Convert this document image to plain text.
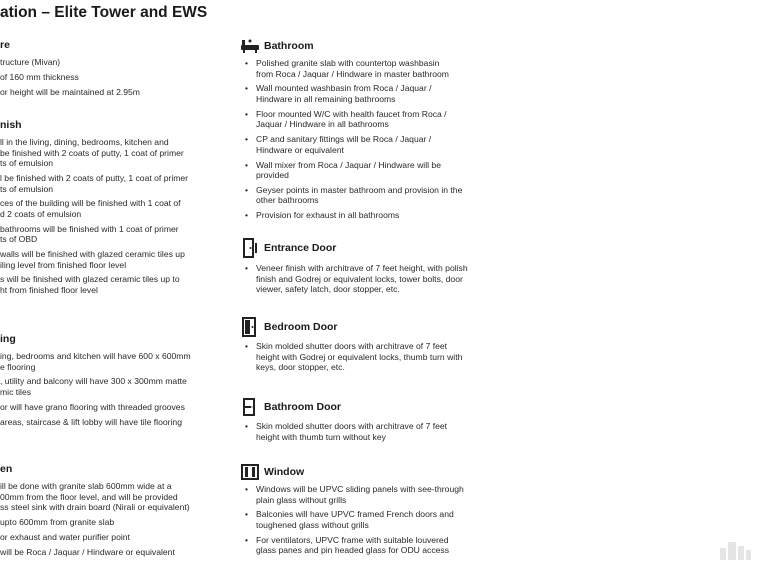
ation – Elite Tower and EWS
re
tructure (Mivan)
of 160 mm thickness
or height will be maintained at 2.95m
nish
ll in the living, dining, bedrooms, kitchen and
be finished with 2 coats of putty, 1 coat of primer
ts of emulsion
l be finished with 2 coats of putty, 1 coat of primer
ts of emulsion
ces of the building will be finished with 1 coat of
d 2 coats of emulsion
bathrooms will be finished with 1 coat of primer
ts of OBD
walls will be finished with glazed ceramic tiles up
iling level from finished floor level
s will be finished with glazed ceramic tiles up to
ht from finished floor level
ing
ing, bedrooms and kitchen will have 600 x 600mm
e flooring
, utility and balcony will have 300 x 300mm matte
mic tiles
or will have grano flooring with threaded grooves
areas, staircase & lift lobby will have tile flooring
en
ill be done with granite slab 600mm wide at a
00mm from the floor level, and will be provided
ss steel sink with drain board (Nirali or equivalent)
upto 600mm from granite slab
or exhaust and water purifier point
will be Roca / Jaquar / Hindware or equivalent
Bathroom
• Polished granite slab with countertop washbasin
from Roca / Jaquar / Hindware in master bathroom
• Wall mounted washbasin from Roca / Jaquar /
Hindware in all remaining bathrooms
• Floor mounted W/C with health faucet from Roca /
Jaquar / Hindware in all bathrooms
• CP and sanitary fittings will be Roca / Jaquar /
Hindware or equivalent
• Wall mixer from Roca / Jaquar / Hindware will be
provided
• Geyser points in master bathroom and provision in the
other bathrooms
• Provision for exhaust in all bathrooms
Entrance Door
• Veneer finish with architrave of 7 feet height, with polish
finish and Godrej or equivalent locks, tower bolts, door
viewer, safety latch, door stopper, etc.
Bedroom Door
• Skin molded shutter doors with architrave of 7 feet
height with Godrej or equivalent locks, thumb turn with
keys, door stopper, etc.
Bathroom Door
• Skin molded shutter doors with architrave of 7 feet
height with thumb turn without key
Window
• Windows will be UPVC sliding panels with see-through
plain glass without grills
• Balconies will have UPVC framed French doors and
toughened glass without grills
• For ventilators, UPVC frame with suitable louvered
glass panes and pin headed glass for ODU access
